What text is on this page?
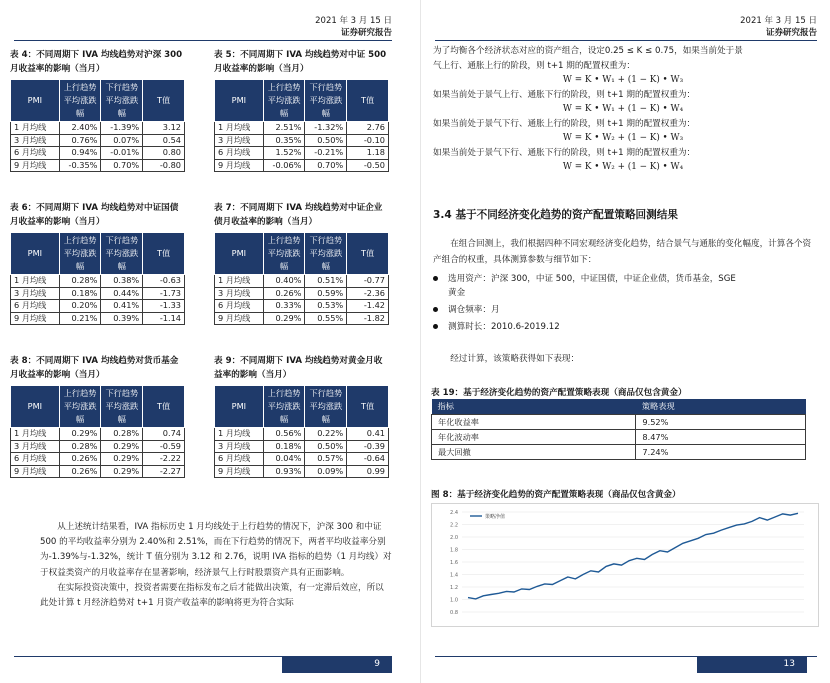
2021 年 3 月 15 日
证券研究报告
表 4：不同周期下 IVA 均线趋势对沪深 300 月收益率的影响（当月）
PMI	上行趋势平均涨跌幅	下行趋势平均涨跌幅	T值
1 月均线	2.40%	-1.39%	3.12
3 月均线	0.76%	0.07%	0.54
6 月均线	0.94%	-0.01%	0.80
9 月均线	-0.35%	0.70%	-0.80
表 5：不同周期下 IVA 均线趋势对中证 500 月收益率的影响（当月）
PMI	上行趋势平均涨跌幅	下行趋势平均涨跌幅	T值
1 月均线	2.51%	-1.32%	2.76
3 月均线	0.35%	0.50%	-0.10
6 月均线	1.52%	-0.21%	1.18
9 月均线	-0.06%	0.70%	-0.50
表 6：不同周期下 IVA 均线趋势对中证国债月收益率的影响（当月）
PMI	上行趋势平均涨跌幅	下行趋势平均涨跌幅	T值
1 月均线	0.28%	0.38%	-0.63
3 月均线	0.18%	0.44%	-1.73
6 月均线	0.20%	0.41%	-1.33
9 月均线	0.21%	0.39%	-1.14
表 7：不同周期下 IVA 均线趋势对中证企业债月收益率的影响（当月）
PMI	上行趋势平均涨跌幅	下行趋势平均涨跌幅	T值
1 月均线	0.40%	0.51%	-0.77
3 月均线	0.26%	0.59%	-2.36
6 月均线	0.33%	0.53%	-1.42
9 月均线	0.29%	0.55%	-1.82
表 8：不同周期下 IVA 均线趋势对货币基金月收益率的影响（当月）
PMI	上行趋势平均涨跌幅	下行趋势平均涨跌幅	T值
1 月均线	0.29%	0.28%	0.74
3 月均线	0.28%	0.29%	-0.59
6 月均线	0.26%	0.29%	-2.22
9 月均线	0.26%	0.29%	-2.27
表 9：不同周期下 IVA 均线趋势对黄金月收益率的影响（当月）
PMI	上行趋势平均涨跌幅	下行趋势平均涨跌幅	T值
1 月均线	0.56%	0.22%	0.41
3 月均线	0.18%	0.50%	-0.39
6 月均线	0.04%	0.57%	-0.64
9 月均线	0.93%	0.09%	0.99

从上述统计结果看，IVA 指标历史 1 月均线处于上行趋势的情况下，沪深 300 和中证 500 的平均收益率分别为 2.40%和 2.51%，而在下行趋势的情况下，两者平均收益率分别为-1.39%与-1.32%，统计 T 值分别为 3.12 和 2.76，说明 IVA 指标的趋势（1 月均线）对于权益类资产的月收益率存在显著影响，经济景气上行时股票资产具有正面影响。

在实际投资决策中，投资者需要在指标发布之后才能做出决策，有一定滞后效应，所以此处计算 t 月经济趋势对 t+1 月资产收益率的影响将更为符合实际

9
2021 年 3 月 15 日
证券研究报告
为了均衡各个经济状态对应的资产组合，设定0.25 ≤ K ≤ 0.75，如果当前处于景
气上行、通胀上行的阶段，则 t+1 期的配置权重为：
W = K • W₁ + (1 − K) • W₃
如果当前处于景气上行、通胀下行的阶段，则 t+1 期的配置权重为：
W = K • W₁ + (1 − K) • W₄
如果当前处于景气下行、通胀上行的阶段，则 t+1 期的配置权重为：
W = K • W₂ + (1 − K) • W₃
如果当前处于景气下行、通胀下行的阶段，则 t+1 期的配置权重为：
W = K • W₂ + (1 − K) • W₄
3.4 基于不同经济变化趋势的资产配置策略回测结果
在组合回测上，我们根据四种不同宏观经济变化趋势，结合景气与通胀的变化幅度，计算各个资产组合的权重，具体测算参数与细节如下：
选用资产：沪深 300，中证 500，中证国债，中证企业债，货币基金，SGE
黄金
调仓频率：月
测算时长：2010.6-2019.12
经过计算，该策略获得如下表现：
表 19：基于经济变化趋势的资产配置策略表现（商品仅包含黄金）
指标	策略表现
年化收益率	9.52%
年化波动率	8.47%
最大回撤	7.24%
图 8：基于经济变化趋势的资产配置策略表现（商品仅包含黄金）
0.8
1.0
1.2
1.4
1.6
1.8
2.0
2.2
2.4
策略净值
13
